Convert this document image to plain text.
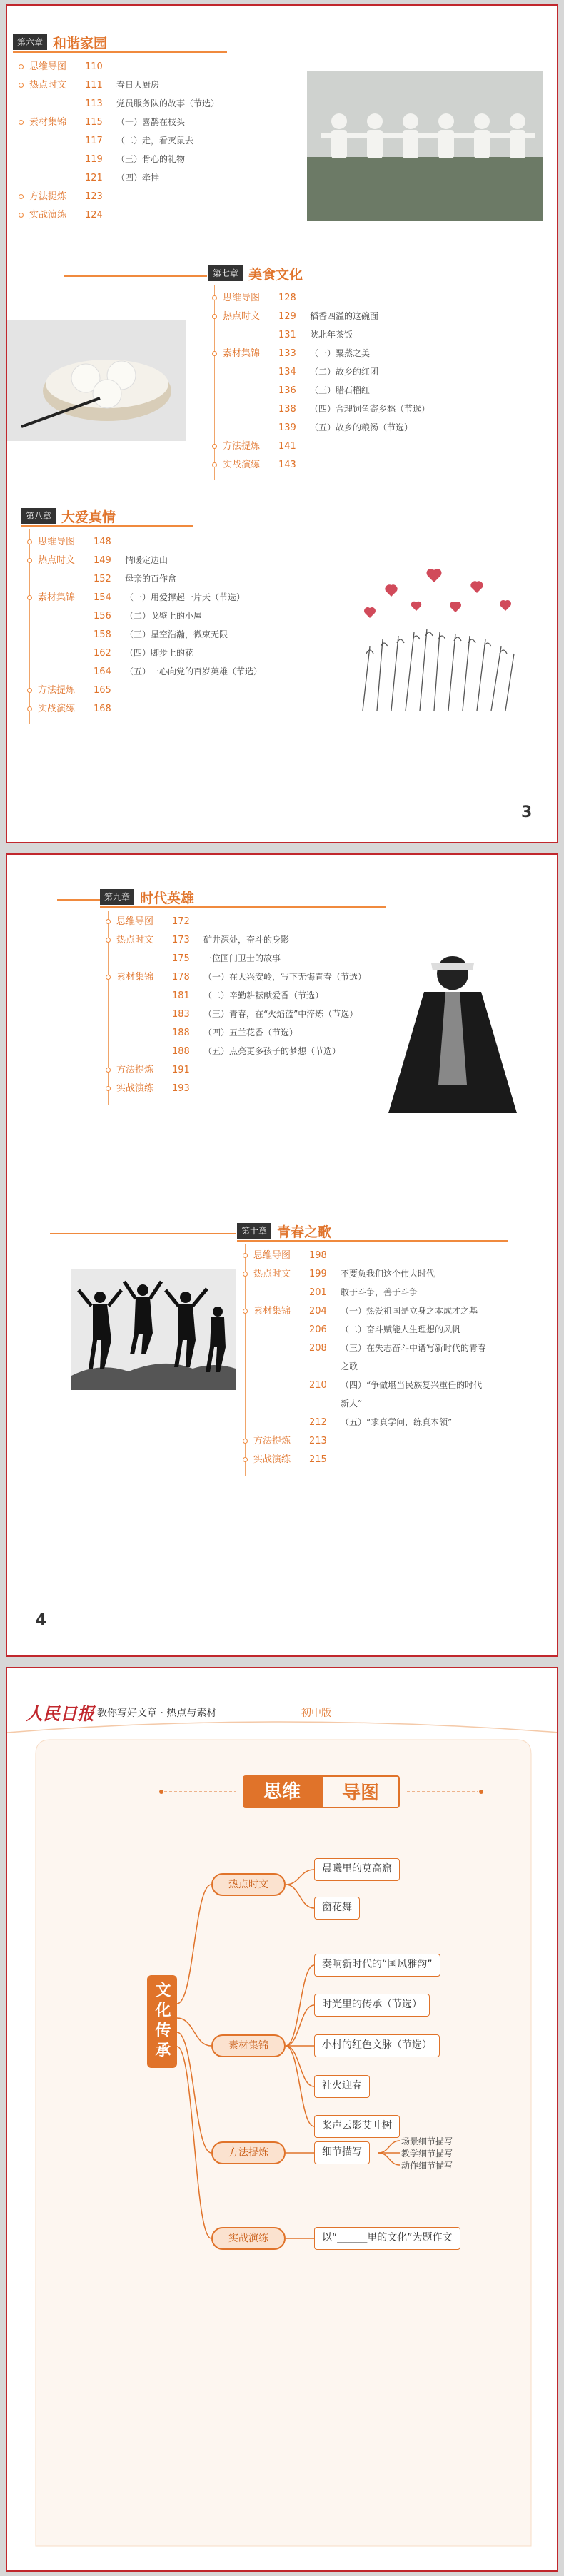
第六章 和谐家园
思维导图 110
热点时文 111 春日大厨房
113 党员服务队的故事（节选）
素材集锦 115 （一）喜鹊在枝头
117 （二）走，看灭鼠去
119 （三）骨心的礼物
121 （四）牵挂
方法提炼 123
实战演练 124
第七章 美食文化
思维导图 128
热点时文 129 稻香四溢的这碗面
131 陕北年茶饭
素材集锦 133 （一）粟蒸之美
134 （二）故乡的红团
136 （三）腊石榴红
138 （四）合理饲鱼寄乡愁（节选）
139 （五）故乡的粮汤（节选）
方法提炼 141
实战演练 143
第八章 大爱真情
思维导图 148
热点时文 149 情暖定边山
152 母亲的百作盒
素材集锦 154 （一）用爱撑起一片天（节选）
156 （二）戈壁上的小屋
158 （三）星空浩瀚，微束无限
162 （四）脚步上的花
164 （五）一心向党的百岁英雄（节选）
方法提炼 165
实战演练 168
3
第九章 时代英雄
思维导图 172
热点时文 173 矿井深处，奋斗的身影
175 一位国门卫士的故事
素材集锦 178 （一）在大兴安岭，写下无悔青春（节选）
181 （二）辛勤耕耘献爱香（节选）
183 （三）青春，在“火焰蓝”中淬炼（节选）
188 （四）五兰花香（节选）
188 （五）点亮更多孩子的梦想（节选）
方法提炼 191
实战演练 193
第十章 青春之歌
思维导图 198
热点时文 199 不要负我们这个伟大时代
201 敢于斗争，善于斗争
素材集锦 204 （一）热爱祖国是立身之本成才之基
206 （二）奋斗赋能人生理想的风帆
208 （三）在失志奋斗中谱写新时代的青春
之歌
210 （四）“争做堪当民族复兴重任的时代
新人”
212 （五）“求真学问，练真本领”
方法提炼 213
实战演练 215
4
人民日报 教你写好文章 · 热点与素材	初中版
思维	导图
文化传承
热点时文
素材集锦
方法提炼
实战演练
晨曦里的莫高窟
窗花舞
奏响新时代的“国风雅韵”
时光里的传承（节选）
小村的红色文脉（节选）
社火迎春
桨声云影艾叶树
细节描写
场景细节描写
教学细节描写
动作细节描写
以“______里的文化”为题作文
